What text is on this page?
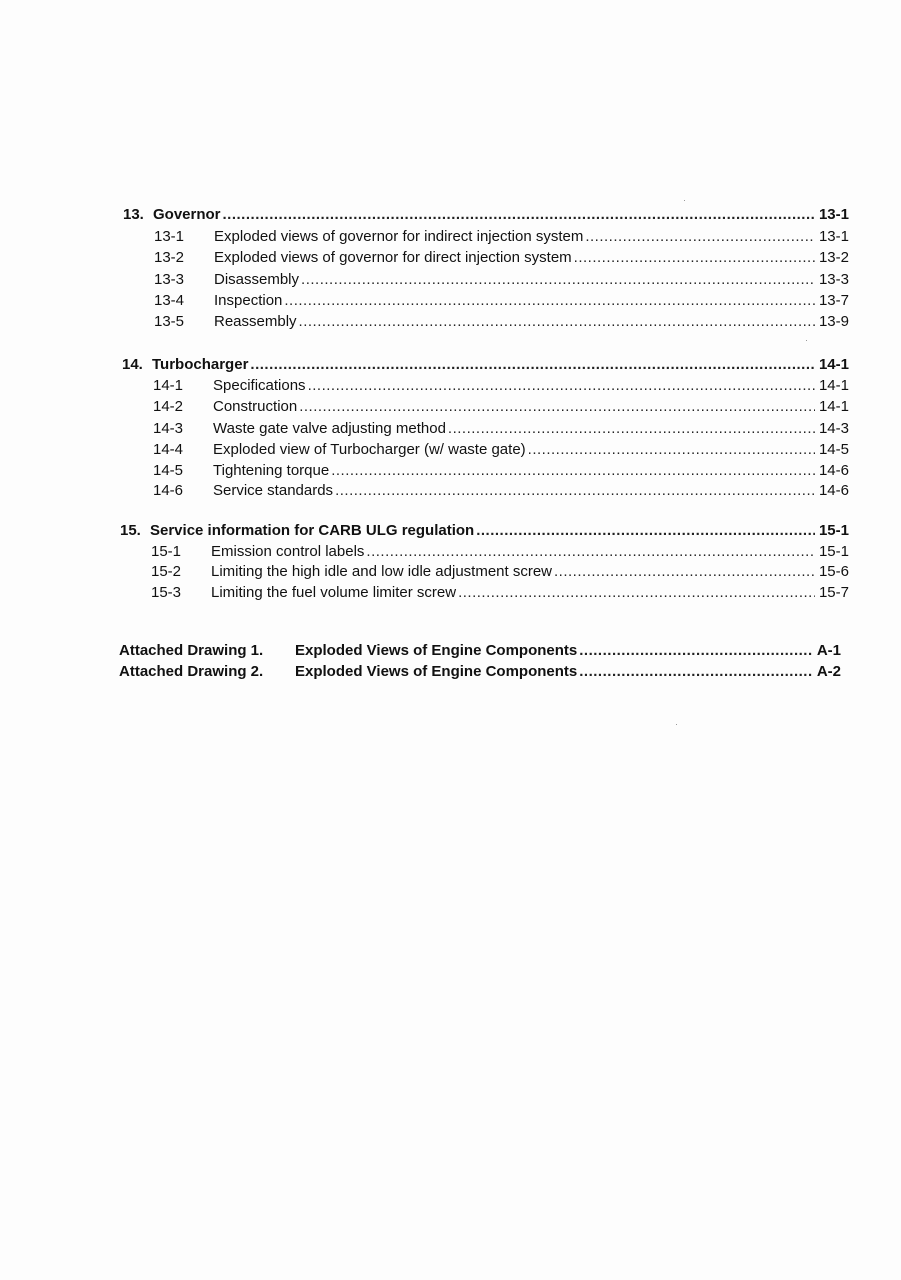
13. Governor .....	13-1
13-1	Exploded views of governor for indirect injection system .....	13-1
13-2	Exploded views of governor for direct injection system .....	13-2
13-3	Disassembly .....	13-3
13-4	Inspection .....	13-7
13-5	Reassembly .....	13-9
14. Turbocharger .....	14-1
14-1	Specifications .....	14-1
14-2	Construction .....	14-1
14-3	Waste gate valve adjusting method .....	14-3
14-4	Exploded view of Turbocharger (w/ waste gate) .....	14-5
14-5	Tightening torque .....	14-6
14-6	Service standards .....	14-6
15. Service information for CARB ULG regulation .....	15-1
15-1	Emission control labels .....	15-1
15-2	Limiting the high idle and low idle adjustment screw .....	15-6
15-3	Limiting the fuel volume limiter screw .....	15-7
Attached Drawing 1.	Exploded Views of Engine Components .....	A-1
Attached Drawing 2.	Exploded Views of Engine Components .....	A-2
